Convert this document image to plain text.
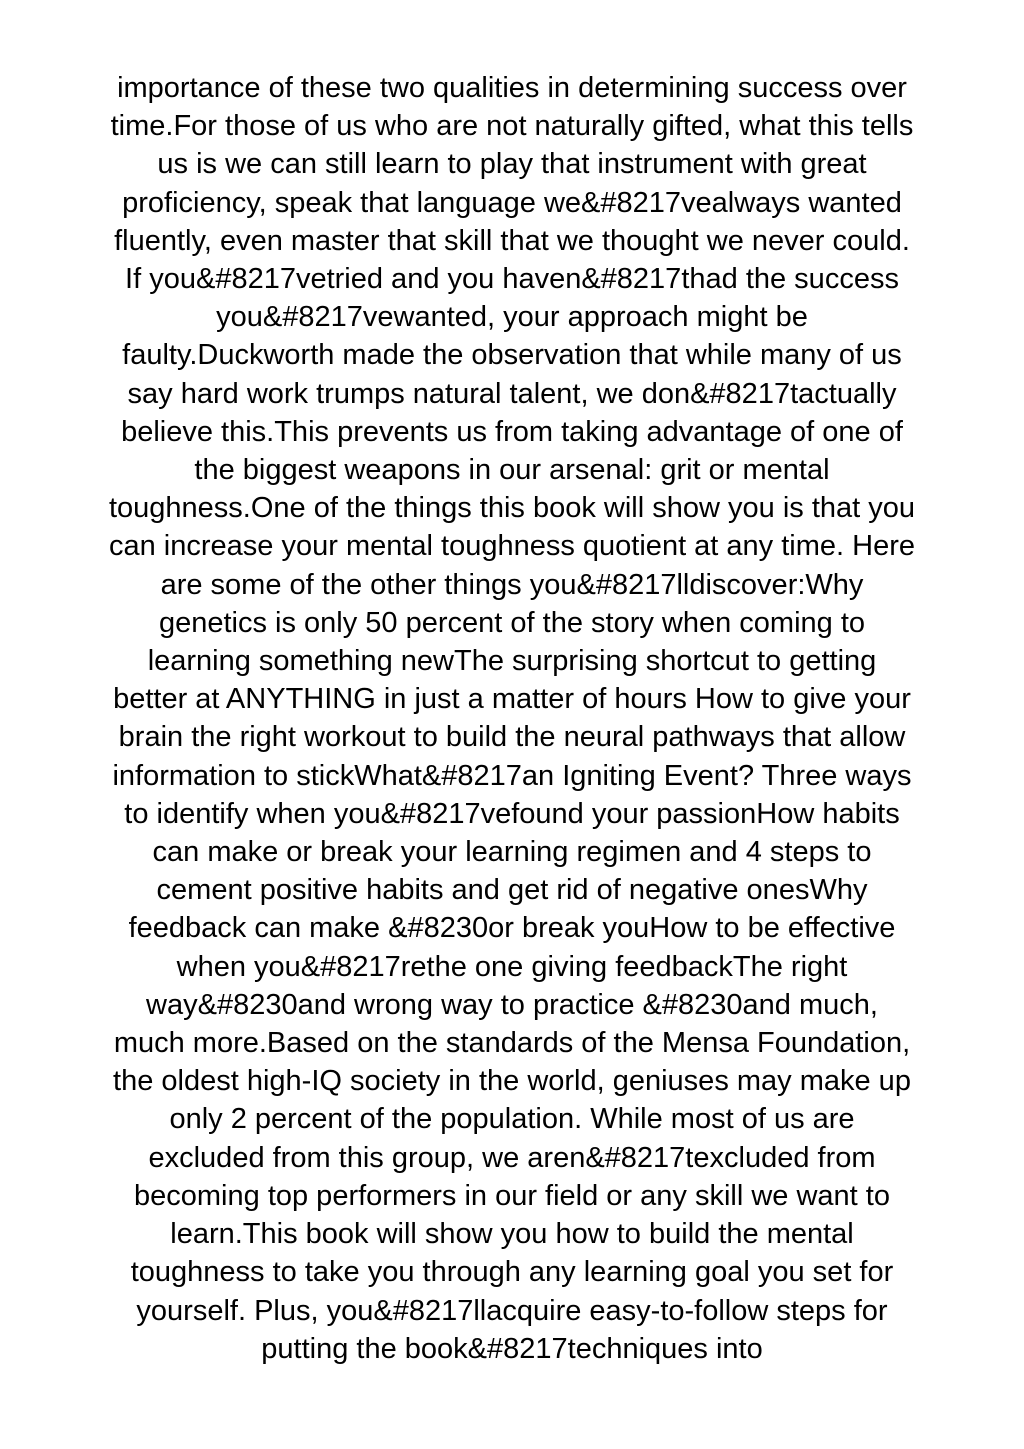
importance of these two qualities in determining success over
time.For those of us who are not naturally gifted, what this tells
us is we can still learn to play that instrument with great
proficiency, speak that language we&#8217vealways wanted
fluently, even master that skill that we thought we never could.
If you&#8217vetried and you haven&#8217thad the success
you&#8217vewanted, your approach might be
faulty.Duckworth made the observation that while many of us
say hard work trumps natural talent, we don&#8217tactually
believe this.This prevents us from taking advantage of one of
the biggest weapons in our arsenal: grit or mental
toughness.One of the things this book will show you is that you
can increase your mental toughness quotient at any time. Here
are some of the other things you&#8217lldiscover:Why
genetics is only 50 percent of the story when coming to
learning something newThe surprising shortcut to getting
better at ANYTHING in just a matter of hours How to give your
brain the right workout to build the neural pathways that allow
information to stickWhat&#8217an Igniting Event? Three ways
to identify when you&#8217vefound your passionHow habits
can make or break your learning regimen and 4 steps to
cement positive habits and get rid of negative onesWhy
feedback can make &#8230or break youHow to be effective
when you&#8217rethe one giving feedbackThe right
way&#8230and wrong way to practice &#8230and much,
much more.Based on the standards of the Mensa Foundation,
the oldest high-IQ society in the world, geniuses may make up
only 2 percent of the population. While most of us are
excluded from this group, we aren&#8217texcluded from
becoming top performers in our field or any skill we want to
learn.This book will show you how to build the mental
toughness to take you through any learning goal you set for
yourself. Plus, you&#8217llacquire easy-to-follow steps for
putting the book&#8217techniques into
